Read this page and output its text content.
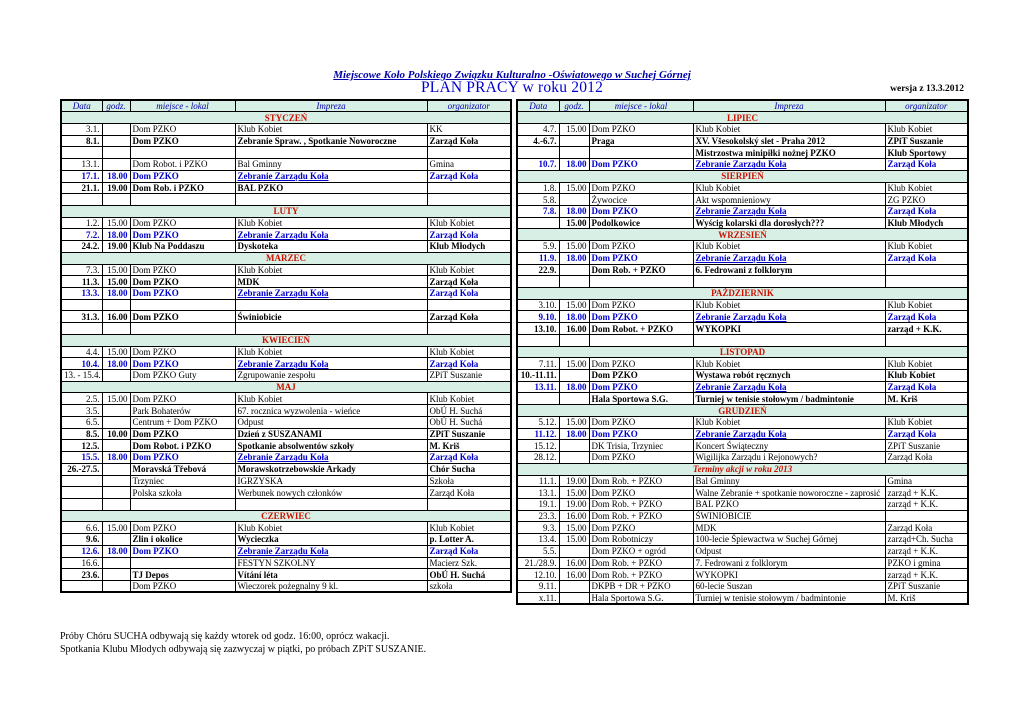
Miejscowe Koło Polskiego Związku Kulturalno -Oświatowego w Suchej Górnej
PLAN PRACY w roku 2012	wersja z 13.3.2012
Data	godz.	miejsce - lokal	Impreza	organizator
STYCZEŃ				
3.1.		Dom PZKO	Klub Kobiet	KK
8.1.		Dom PZKO	Zebranie Spraw. , Spotkanie Noworoczne	Zarząd Koła

13.1.		Dom Robot. i PZKO	Bal Gminny	Gmina
17.1.	18.00	Dom PZKO	Zebranie Zarządu Koła	Zarząd Koła
21.1.	19.00	Dom Rob. i PZKO	BAL PZKO	

LUTY				
1.2.	15.00	Dom PZKO	Klub Kobiet	Klub Kobiet
7.2.	18.00	Dom PZKO	Zebranie Zarządu Koła	Zarząd Koła
24.2.	19.00	Klub Na Poddaszu	Dyskoteka	Klub Młodych
MARZEC				
7.3.	15.00	Dom PZKO	Klub Kobiet	Klub Kobiet
11.3.	15.00	Dom PZKO	MDK	Zarząd Koła
13.3.	18.00	Dom PZKO	Zebranie Zarządu Koła	Zarząd Koła

31.3.	16.00	Dom PZKO	Świniobicie	Zarząd Koła

KWIECIEŃ				
4.4.	15.00	Dom PZKO	Klub Kobiet	Klub Kobiet
10.4.	18.00	Dom PZKO	Zebranie Zarządu Koła	Zarząd Koła
13. - 15.4.		Dom PZKO Guty	Zgrupowanie zespołu	ZPiT Suszanie
MAJ				
2.5.	15.00	Dom PZKO	Klub Kobiet	Klub Kobiet
3.5.		Park Bohaterów	67. rocznica wyzwolenia - wieńce	ObÚ H. Suchá
6.5.		Centrum + Dom PZKO	Odpust	ObÚ H. Suchá
8.5.	10.00	Dom PZKO	Dzień z SUSZANAMI	ZPiT Suszanie
12.5.		Dom Robot. i PZKO	Spotkanie absolwentów szkoły	M. Kriš
15.5.	18.00	Dom PZKO	Zebranie Zarządu Koła	Zarząd Koła
26.-27.5.		Moravská Třebová	Morawskotrzebowskie Arkady	Chór Sucha
		Trzyniec	IGRZYSKA	Szkoła
		Polska szkoła	Werbunek nowych członków	Zarząd Koła

CZERWIEC				
6.6.	15.00	Dom PZKO	Klub Kobiet	Klub Kobiet
9.6.		Zlin i okolice	Wycieczka	p. Lotter A.
12.6.	18.00	Dom PZKO	Zebranie Zarządu Koła	Zarząd Koła
16.6.			FESTYN SZKOLNY	Macierz Szk.
23.6.		TJ Depos	Vítání léta	ObÚ H. Suchá
		Dom PZKO	Wieczorek pożegnalny 9 kl.	szkoła
Data	godz.	miejsce - lokal	Impreza	organizator
LIPIEC				
4.7.	15.00	Dom PZKO	Klub Kobiet	Klub Kobiet
4.-6.7.		Praga	XV. Všesokolský slet - Praha 2012	ZPiT Suszanie
			Mistrzostwa minipiłki nożnej PZKO	Klub Sportowy
10.7.	18.00	Dom PZKO	Zebranie Zarządu Koła	Zarząd Koła
SIERPIEŃ				
1.8.	15.00	Dom PZKO	Klub Kobiet	Klub Kobiet
5.8.		Żywocice	Akt wspomnieniowy	ZG PZKO
7.8.	18.00	Dom PZKO	Zebranie Zarządu Koła	Zarząd Koła
	15.00	Podolkowice	Wyścig kolarski dla dorosłych???	Klub Młodych
WRZESIEŃ				
5.9.	15.00	Dom PZKO	Klub Kobiet	Klub Kobiet
11.9.	18.00	Dom PZKO	Zebranie Zarządu Koła	Zarząd Koła
22.9.		Dom Rob. + PZKO	6. Fedrowani z folklorym	

PAŹDZIERNIK				
3.10.	15.00	Dom PZKO	Klub Kobiet	Klub Kobiet
9.10.	18.00	Dom PZKO	Zebranie Zarządu Koła	Zarząd Koła
13.10.	16.00	Dom Robot. + PZKO	WYKOPKI	zarząd + K.K.

LISTOPAD				
7.11.	15.00	Dom PZKO	Klub Kobiet	Klub Kobiet
10.-11.11.		Dom PZKO	Wystawa robót ręcznych	Klub Kobiet
13.11.	18.00	Dom PZKO	Zebranie Zarządu Koła	Zarząd Koła
		Hala Sportowa S.G.	Turniej w tenisie stołowym / badmintonie	M. Kriš
GRUDZIEŃ				
5.12.	15.00	Dom PZKO	Klub Kobiet	Klub Kobiet
11.12.	18.00	Dom PZKO	Zebranie Zarządu Koła	Zarząd Koła
15.12.		DK Trisia, Trzyniec	Koncert Świąteczny	ZPiT Suszanie
28.12.		Dom PZKO	Wigilijka Zarządu i Rejonowych?	Zarząd Koła
Terminy akcji w roku 2013				
11.1.	19.00	Dom Rob. + PZKO	Bal Gminny	Gmina
13.1.	15.00	Dom PZKO	Walne Zebranie + spotkanie noworoczne - zaprosić	zarząd + K.K.
19.1.	19.00	Dom Rob. + PZKO	BAL PZKO	zarząd + K.K.
23.3.	16.00	Dom Rob. + PZKO	ŚWINIOBICIE	
9.3.	15.00	Dom PZKO	MDK	Zarząd Koła
13.4.	15.00	Dom Robotniczy	100-lecie Śpiewactwa w Suchej Górnej	zarząd+Ch. Sucha
5.5.		Dom PZKO + ogród	Odpust	zarząd + K.K.
21./28.9.	16.00	Dom Rob. + PZKO	7. Fedrowani z folklorym	PZKO i gmina
12.10.	16.00	Dom Rob. + PZKO	WYKOPKI	zarząd + K.K.
9.11.		DKPB + DR + PZKO	60-lecie Suszan	ZPiT Suszanie
x.11.		Hala Sportowa S.G.	Turniej w tenisie stołowym / badmintonie	M. Kriš
Próby Chóru SUCHA odbywają się każdy wtorek od godz. 16:00, oprócz wakacji.
Spotkania Klubu Młodych odbywają się zazwyczaj w piątki, po próbach ZPiT SUSZANIE.
